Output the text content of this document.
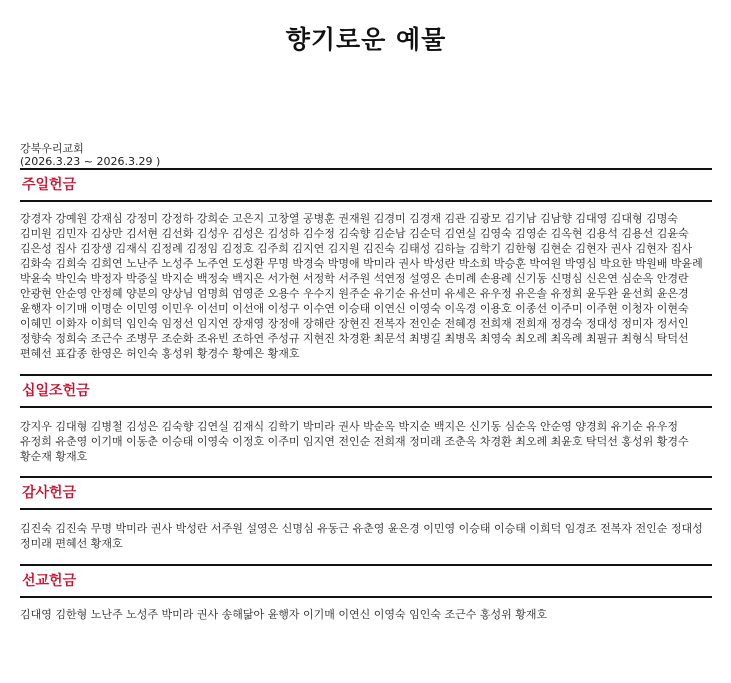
향기로운 예물
강북우리교회
(2026.3.23 ~ 2026.3.29 )
주일헌금
강경자 강예원 강재심 강정미 강정하 강희순 고은지 고창열 공병훈 권재원 김경미 김경재 김관 김광모 김기남 김남향 김대영 김대형 김명숙 김미원 김민자 김상만 김서현 김선화 김성우 김성은 김성하 김수정 김숙향 김순남 김순덕 김연실 김영숙 김영순 김옥현 김용석 김용선 김윤숙 김은성 집사 김장생 김재식 김정례 김정임 김정호 김주희 김지연 김지원 김진숙 김태성 김하늘 김학기 김한형 김현순 김현자 권사 김현자 집사 김화숙 김희숙 김희연 노난주 노성주 노주연 도성환 무명 박경숙 박명애 박미라 권사 박성란 박소희 박승훈 박여원 박영심 박요한 박원배 박윤례 박윤숙 박인숙 박정자 박증실 박지순 백정숙 백지은 서가현 서정학 서주원 석연정 설영은 손미례 손용례 신기동 신명심 신은연 심순옥 안경란 안광현 안순영 안정혜 양분의 양상님 엄명희 엄영준 오용수 우수지 원주순 유기순 유선미 유세은 유우정 유은솔 유정희 윤두완 윤선희 윤은경 윤행자 이기매 이명순 이민영 이민우 이선미 이선애 이성구 이수연 이승태 이연신 이영숙 이옥경 이용호 이종선 이주미 이주현 이청자 이현숙 이혜민 이화자 이희덕 임인숙 임정선 임지연 장재영 장정애 장해란 장현진 전복자 전인순 전혜경 전희재 전희재 정경숙 정대성 정미자 정서인 정향숙 정희숙 조근수 조병무 조순화 조유빈 조하연 주성규 지현진 차경환 최문석 최병길 최병옥 최영숙 최오례 최옥례 최필규 최형식 탁덕선 편혜선 표갑종 한영은 허인숙 홍성위 황경수 황예은 황재호
십일조헌금
강지우 김대형 김병철 김성은 김숙향 김연실 김재식 김학기 박미라 권사 박순옥 박지순 백지은 신기동 심순옥 안순영 양경희 유기순 유우정 유정희 유춘영 이기매 이동춘 이승태 이영숙 이정호 이주미 임지연 전인순 전희재 정미래 조춘옥 차경환 최오례 최윤호 탁덕선 홍성위 황경수 황순재 황재호
감사헌금
김진숙 김진숙 무명 박미라 권사 박성란 서주원 설영은 신명심 유동근 유춘영 윤은경 이민영 이승태 이승태 이희덕 임경조 전복자 전인순 정대성 정미래 편혜선 황재호
선교헌금
김대영 김한형 노난주 노성주 박미라 권사 송해닮아 윤행자 이기매 이연신 이영숙 임인숙 조근수 홍성위 황재호
